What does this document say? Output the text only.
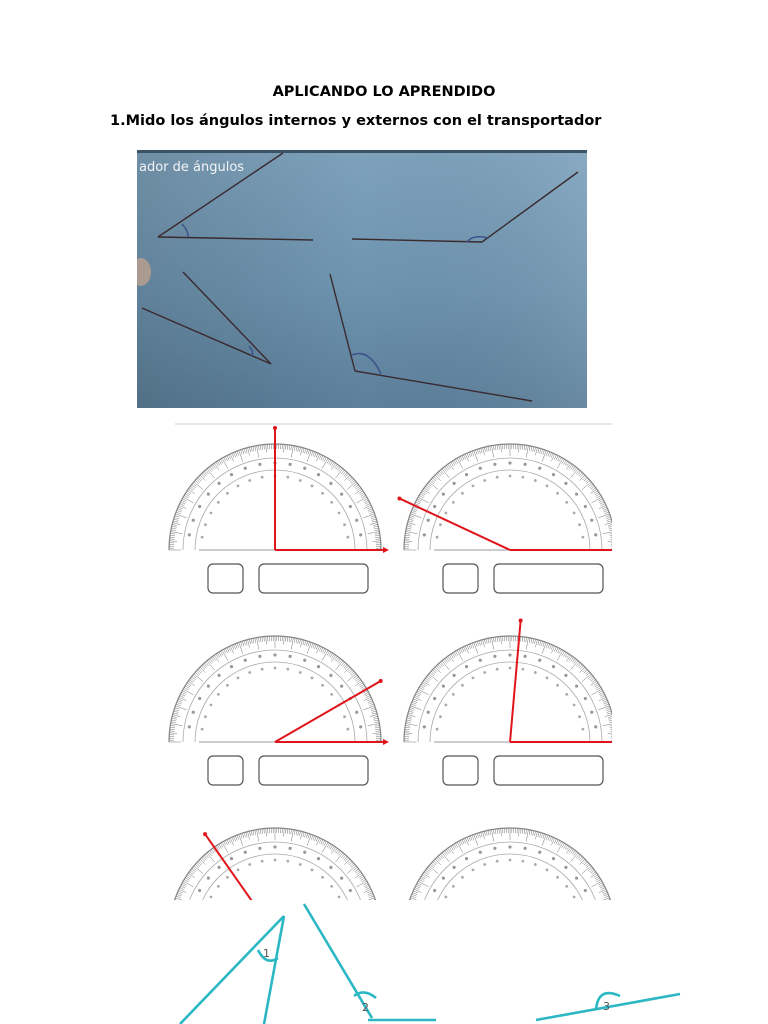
APLICANDO LO APRENDIDO

1.Mido los ángulos internos y externos con el transportador

ador de ángulos
1
2	3
